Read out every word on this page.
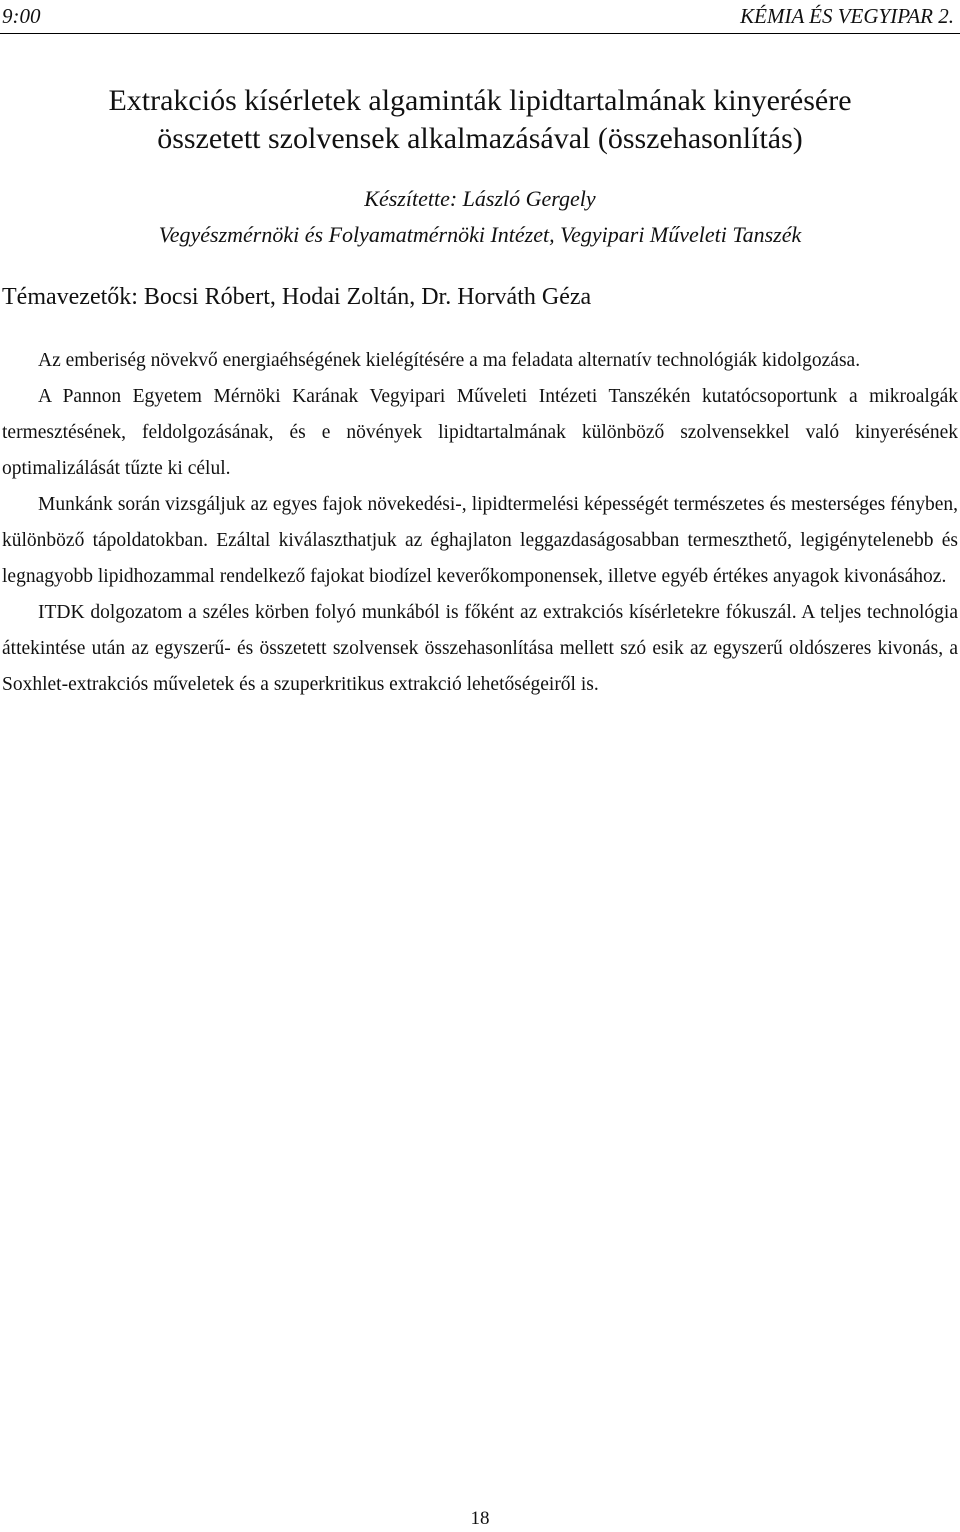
9:00	KÉMIA ÉS VEGYIPAR 2.
Extrakciós kísérletek algaminták lipidtartalmának kinyerésére
összetett szolvensek alkalmazásával (összehasonlítás)
Készítette: László Gergely
Vegyészmérnöki és Folyamatmérnöki Intézet, Vegyipari Műveleti Tanszék
Témavezetők: Bocsi Róbert, Hodai Zoltán, Dr. Horváth Géza

Az emberiség növekvő energiaéhségének kielégítésére a ma feladata alternatív technológiák kidolgozása.

A Pannon Egyetem Mérnöki Karának Vegyipari Műveleti Intézeti Tanszékén kutatócsoportunk a mikroalgák termesztésének, feldolgozásának, és e növények lipidtartalmának különböző szolvensekkel való kinyerésének optimalizálását tűzte ki célul.

Munkánk során vizsgáljuk az egyes fajok növekedési-, lipidtermelési képességét természetes és mesterséges fényben, különböző tápoldatokban. Ezáltal kiválaszthatjuk az éghajlaton leggazdaságosabban termeszthető, legigénytelenebb és legnagyobb lipidhozammal rendelkező fajokat biodízel keverőkomponensek, illetve egyéb értékes anyagok kivonásához.

ITDK dolgozatom a széles körben folyó munkából is főként az extrakciós kísérletekre fókuszál. A teljes technológia áttekintése után az egyszerű- és összetett szolvensek összehasonlítása mellett szó esik az egyszerű oldószeres kivonás, a Soxhlet-extrakciós műveletek és a szuperkritikus extrakció lehetőségeiről is.

18
